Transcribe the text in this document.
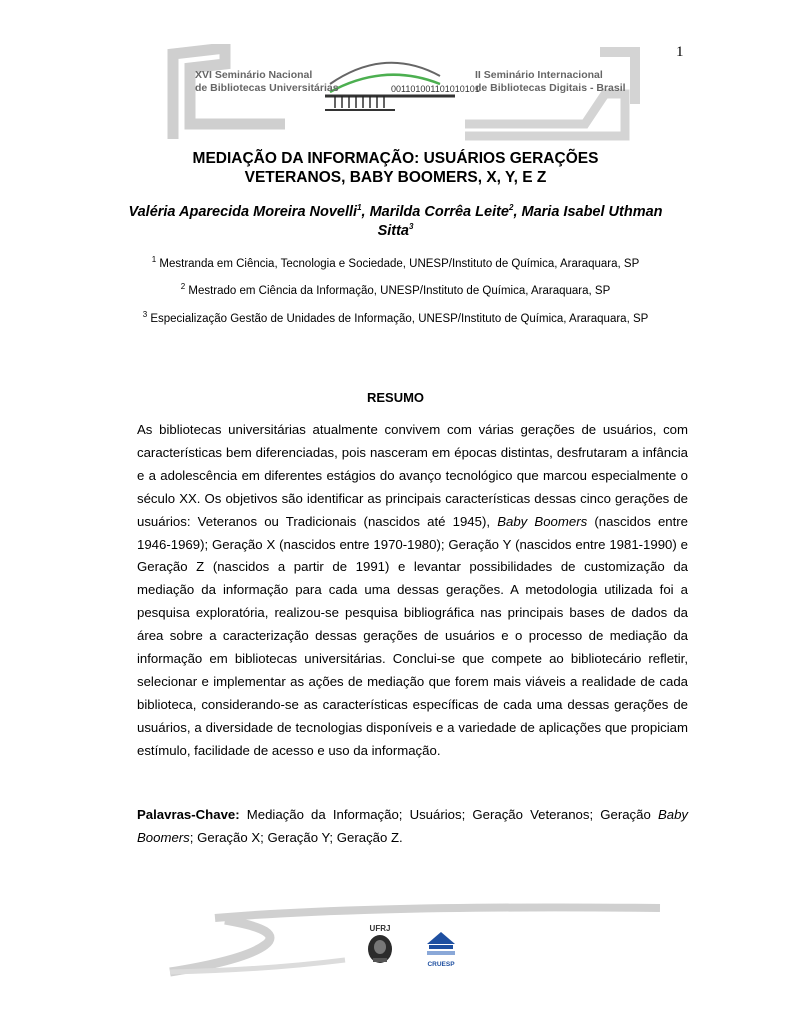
1
001101001101010101
XVI Seminário Nacional
de Bibliotecas Universitárias
II Seminário Internacional
de Bibliotecas Digitais - Brasil
MEDIAÇÃO DA INFORMAÇÃO: USUÁRIOS GERAÇÕES
VETERANOS, BABY BOOMERS, X, Y, E Z
Valéria Aparecida Moreira Novelli$^1$, Marilda Corrêa Leite$^2$, Maria Isabel Uthman Sitta$^3$
$^1$ Mestranda em Ciência, Tecnologia e Sociedade, UNESP/Instituto de Química, Araraquara, SP
$^2$ Mestrado em Ciência da Informação, UNESP/Instituto de Química, Araraquara, SP
$^3$ Especialização Gestão de Unidades de Informação, UNESP/Instituto de Química, Araraquara, SP
RESUMO
As bibliotecas universitárias atualmente convivem com várias gerações de usuários, com características bem diferenciadas, pois nasceram em épocas distintas, desfrutaram a infância e a adolescência em diferentes estágios do avanço tecnológico que marcou especialmente o século XX. Os objetivos são identificar as principais características dessas cinco gerações de usuários: Veteranos ou Tradicionais (nascidos até 1945), Baby Boomers (nascidos entre 1946-1969); Geração X (nascidos entre 1970-1980); Geração Y (nascidos entre 1981-1990) e Geração Z (nascidos a partir de 1991) e levantar possibilidades de customização da mediação da informação para cada uma dessas gerações. A metodologia utilizada foi a pesquisa exploratória, realizou-se pesquisa bibliográfica nas principais bases de dados da área sobre a caracterização dessas gerações de usuários e o processo de mediação da informação em bibliotecas universitárias. Conclui-se que compete ao bibliotecário refletir, selecionar e implementar as ações de mediação que forem mais viáveis a realidade de cada biblioteca, considerando-se as características específicas de cada uma dessas gerações de usuários, a diversidade de tecnologias disponíveis e a variedade de aplicações que propiciam estímulo, facilidade de acesso e uso da informação.
Palavras-Chave: Mediação da Informação; Usuários; Geração Veteranos; Geração Baby Boomers; Geração X; Geração Y; Geração Z.
UFRJ
CRUESP
